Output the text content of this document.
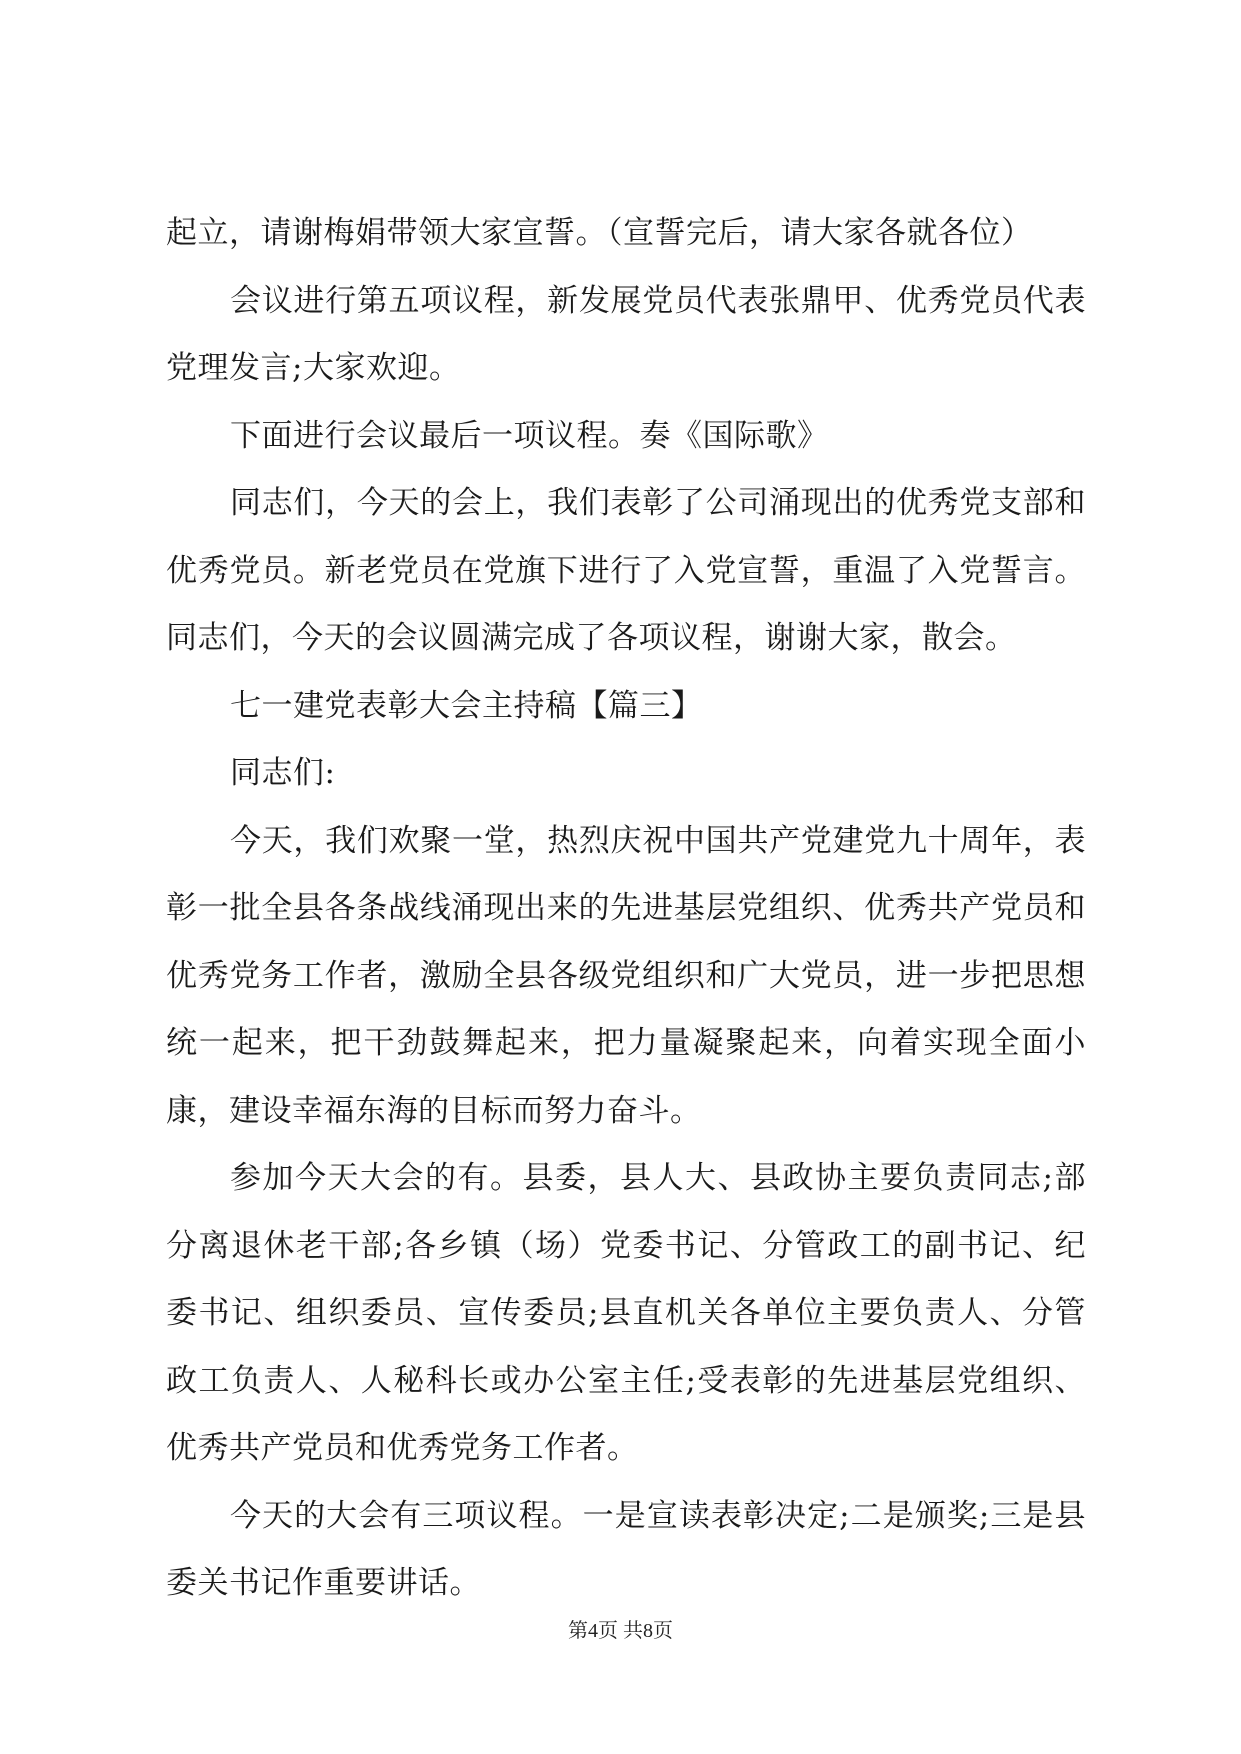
起立，请谢梅娟带领大家宣誓。（宣誓完后，请大家各就各位）

会议进行第五项议程，新发展党员代表张鼎甲、优秀党员代表党理发言;大家欢迎。

下面进行会议最后一项议程。奏《国际歌》

同志们，今天的会上，我们表彰了公司涌现出的优秀党支部和优秀党员。新老党员在党旗下进行了入党宣誓，重温了入党誓言。同志们，今天的会议圆满完成了各项议程，谢谢大家，散会。

七一建党表彰大会主持稿【篇三】

同志们:

今天，我们欢聚一堂，热烈庆祝中国共产党建党九十周年，表彰一批全县各条战线涌现出来的先进基层党组织、优秀共产党员和优秀党务工作者，激励全县各级党组织和广大党员，进一步把思想统一起来，把干劲鼓舞起来，把力量凝聚起来，向着实现全面小康，建设幸福东海的目标而努力奋斗。

参加今天大会的有。县委，县人大、县政协主要负责同志;部分离退休老干部;各乡镇（场）党委书记、分管政工的副书记、纪委书记、组织委员、宣传委员;县直机关各单位主要负责人、分管政工负责人、人秘科长或办公室主任;受表彰的先进基层党组织、优秀共产党员和优秀党务工作者。

今天的大会有三项议程。一是宣读表彰决定;二是颁奖;三是县委关书记作重要讲话。

第4页 共8页
